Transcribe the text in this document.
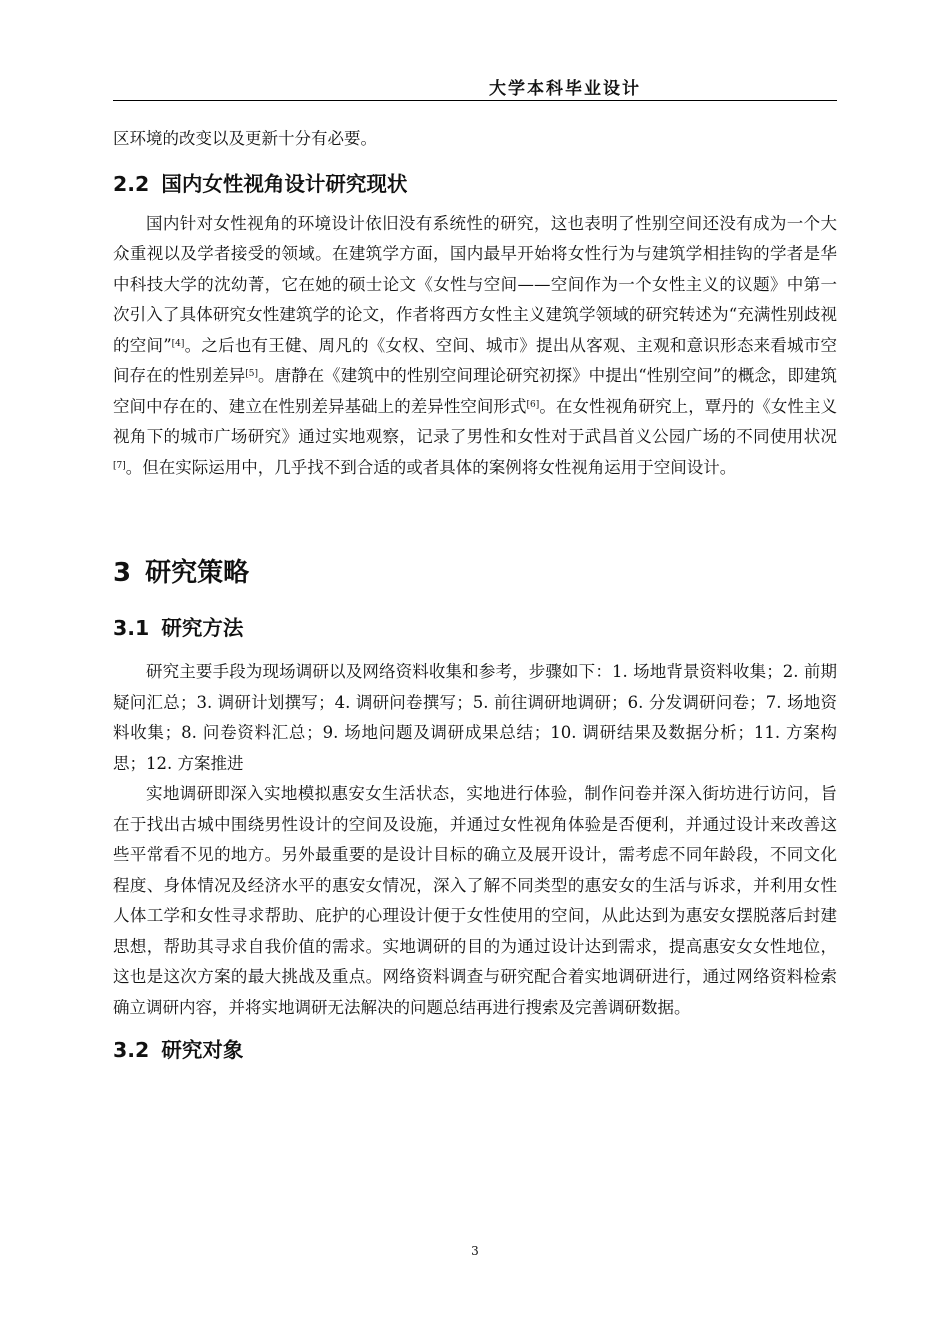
大学本科毕业设计

区环境的改变以及更新十分有必要。

2.2 国内女性视角设计研究现状

国内针对女性视角的环境设计依旧没有系统性的研究，这也表明了性别空间还没有成为一个大众重视以及学者接受的领域。在建筑学方面，国内最早开始将女性行为与建筑学相挂钩的学者是华中科技大学的沈幼菁，它在她的硕士论文《女性与空间——空间作为一个女性主义的议题》中第一次引入了具体研究女性建筑学的论文，作者将西方女性主义建筑学领域的研究转述为“充满性别歧视的空间”[4]。之后也有王健、周凡的《女权、空间、城市》提出从客观、主观和意识形态来看城市空间存在的性别差异[5]。唐静在《建筑中的性别空间理论研究初探》中提出“性别空间”的概念，即建筑空间中存在的、建立在性别差异基础上的差异性空间形式[6]。在女性视角研究上，覃丹的《女性主义视角下的城市广场研究》通过实地观察，记录了男性和女性对于武昌首义公园广场的不同使用状况[7]。但在实际运用中，几乎找不到合适的或者具体的案例将女性视角运用于空间设计。

3 研究策略
3.1 研究方法

研究主要手段为现场调研以及网络资料收集和参考，步骤如下：1. 场地背景资料收集；2. 前期疑问汇总；3. 调研计划撰写；4. 调研问卷撰写；5. 前往调研地调研；6. 分发调研问卷；7. 场地资料收集；8. 问卷资料汇总；9. 场地问题及调研成果总结；10. 调研结果及数据分析；11. 方案构思；12. 方案推进

实地调研即深入实地模拟惠安女生活状态，实地进行体验，制作问卷并深入街坊进行访问，旨在于找出古城中围绕男性设计的空间及设施，并通过女性视角体验是否便利，并通过设计来改善这些平常看不见的地方。另外最重要的是设计目标的确立及展开设计，需考虑不同年龄段，不同文化程度、身体情况及经济水平的惠安女情况，深入了解不同类型的惠安女的生活与诉求，并利用女性人体工学和女性寻求帮助、庇护的心理设计便于女性使用的空间，从此达到为惠安女摆脱落后封建思想，帮助其寻求自我价值的需求。实地调研的目的为通过设计达到需求，提高惠安女女性地位，这也是这次方案的最大挑战及重点。网络资料调查与研究配合着实地调研进行，通过网络资料检索确立调研内容，并将实地调研无法解决的问题总结再进行搜索及完善调研数据。

3.2 研究对象
3
